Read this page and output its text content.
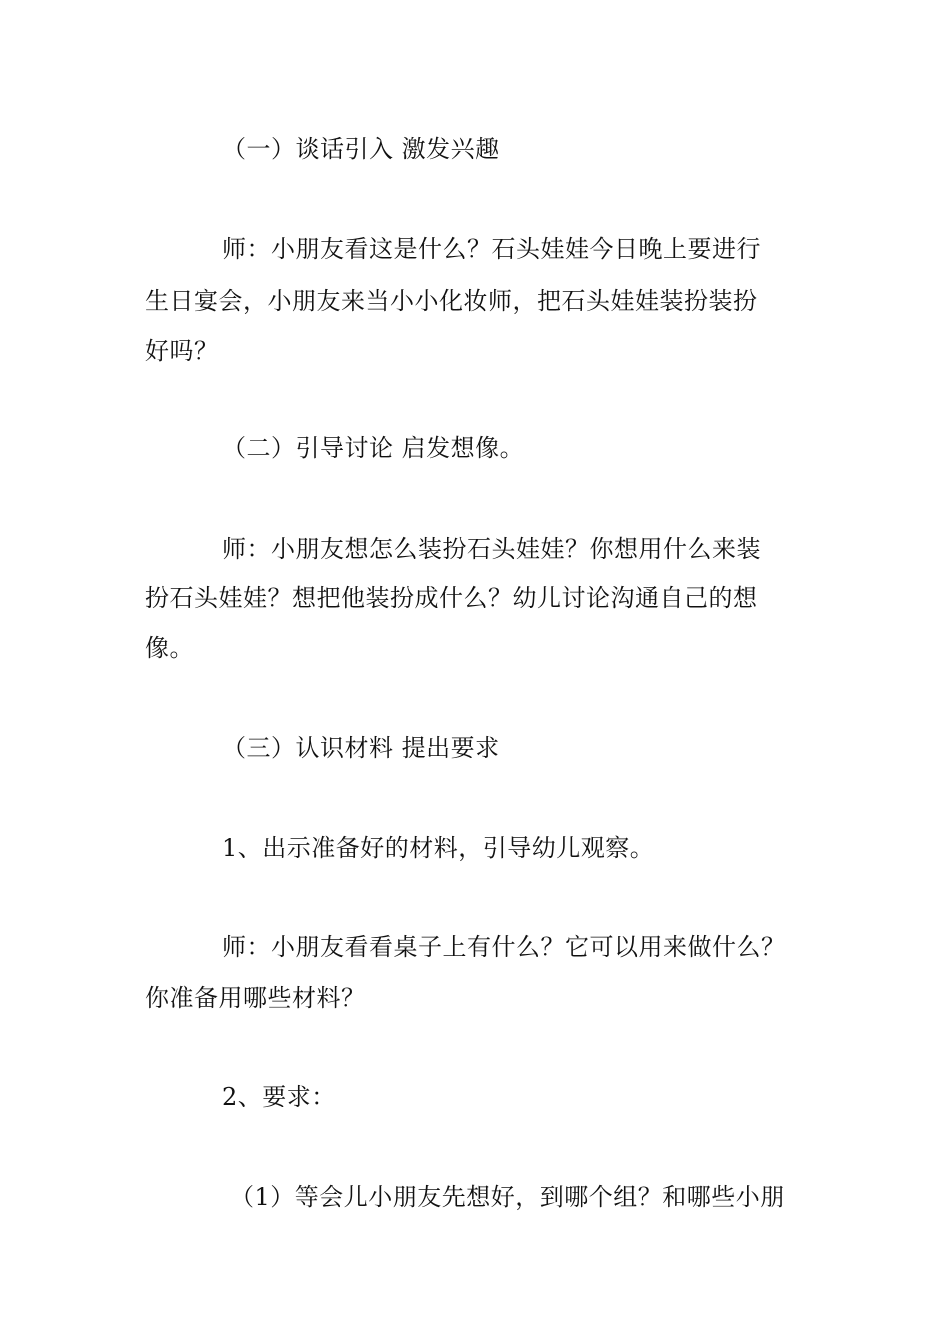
（一）谈话引入 激发兴趣
师：小朋友看这是什么？石头娃娃今日晚上要进行
生日宴会，小朋友来当小小化妆师，把石头娃娃装扮装扮
好吗？
（二）引导讨论 启发想像。
师：小朋友想怎么装扮石头娃娃？你想用什么来装
扮石头娃娃？想把他装扮成什么？幼儿讨论沟通自己的想
像。
（三）认识材料 提出要求
1、出示准备好的材料，引导幼儿观察。
师：小朋友看看桌子上有什么？它可以用来做什么？
你准备用哪些材料？
2、要求：
（1）等会儿小朋友先想好，到哪个组？和哪些小朋
